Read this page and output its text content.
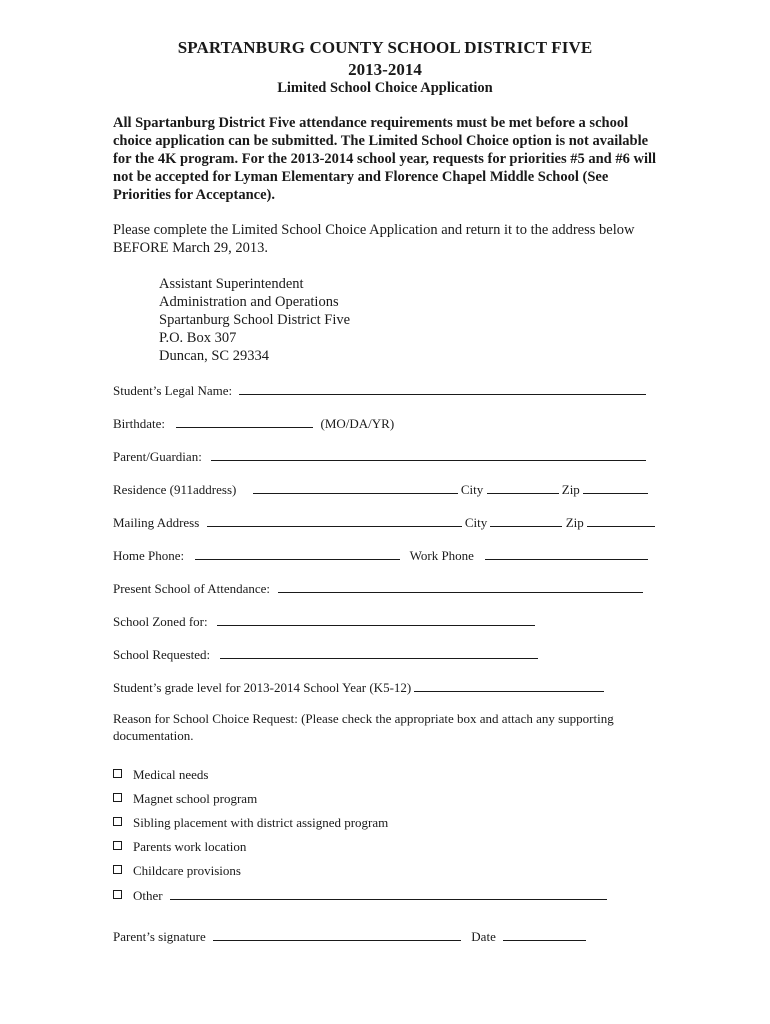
SPARTANBURG COUNTY SCHOOL DISTRICT FIVE
2013-2014
Limited School Choice Application
All Spartanburg District Five attendance requirements must be met before a school choice application can be submitted. The Limited School Choice option is not available for the 4K program. For the 2013-2014 school year, requests for priorities #5 and #6 will not be accepted for Lyman Elementary and Florence Chapel Middle School (See Priorities for Acceptance).
Please complete the Limited School Choice Application and return it to the address below BEFORE March 29, 2013.
Assistant Superintendent
Administration and Operations
Spartanburg School District Five
P.O. Box 307
Duncan, SC 29334
Student’s Legal Name:
Birthdate:	(MO/DA/YR)
Parent/Guardian:
Residence (911address)	City	Zip
Mailing Address	City	Zip
Home Phone:	Work Phone
Present School of Attendance:
School Zoned for:
School Requested:
Student’s grade level for 2013-2014 School Year (K5-12)
Reason for School Choice Request: (Please check the appropriate box and attach any supporting documentation.
Medical needs
Magnet school program
Sibling placement with district assigned program
Parents work location
Childcare provisions
Other
Parent’s signature	Date
